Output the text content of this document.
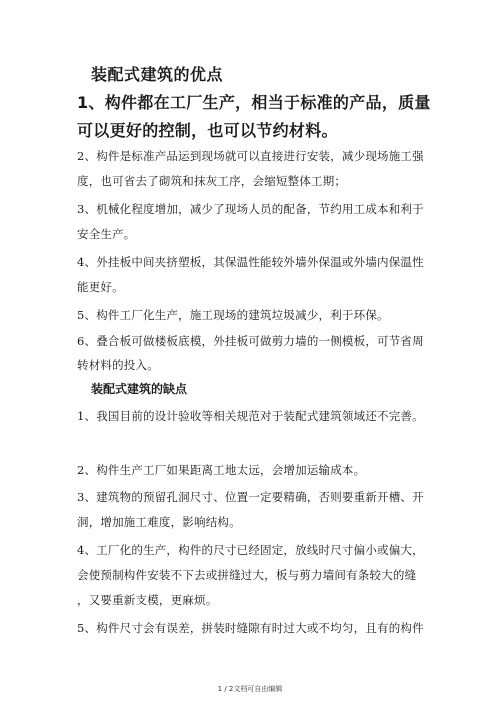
装配式建筑的优点
1、构件都在工厂生产，相当于标准的产品，质量
可以更好的控制，也可以节约材料。
2、构件是标准产品运到现场就可以直接进行安装，减少现场施工强
度，也可省去了砌筑和抹灰工序，会缩短整体工期；
3、机械化程度增加，减少了现场人员的配备，节约用工成本和利于
安全生产。
4、外挂板中间夹挤塑板，其保温性能较外墙外保温或外墙内保温性
能更好。
5、构件工厂化生产，施工现场的建筑垃圾减少，利于环保。
6、叠合板可做楼板底模，外挂板可做剪力墙的一侧模板，可节省周
转材料的投入。
装配式建筑的缺点
1、我国目前的设计验收等相关规范对于装配式建筑领域还不完善。
2、构件生产工厂如果距离工地太远，会增加运输成本。
3、建筑物的预留孔洞尺寸、位置一定要精确，否则要重新开槽、开
洞，增加施工难度，影响结构。
4、工厂化的生产，构件的尺寸已经固定，放线时尺寸偏小或偏大，
会使预制构件安装不下去或拼缝过大，板与剪力墙间有条较大的缝
，又要重新支模，更麻烦。
5、构件尺寸会有误差，拼装时缝隙有时过大或不均匀，且有的构件
1 / 2文档可自由编辑
